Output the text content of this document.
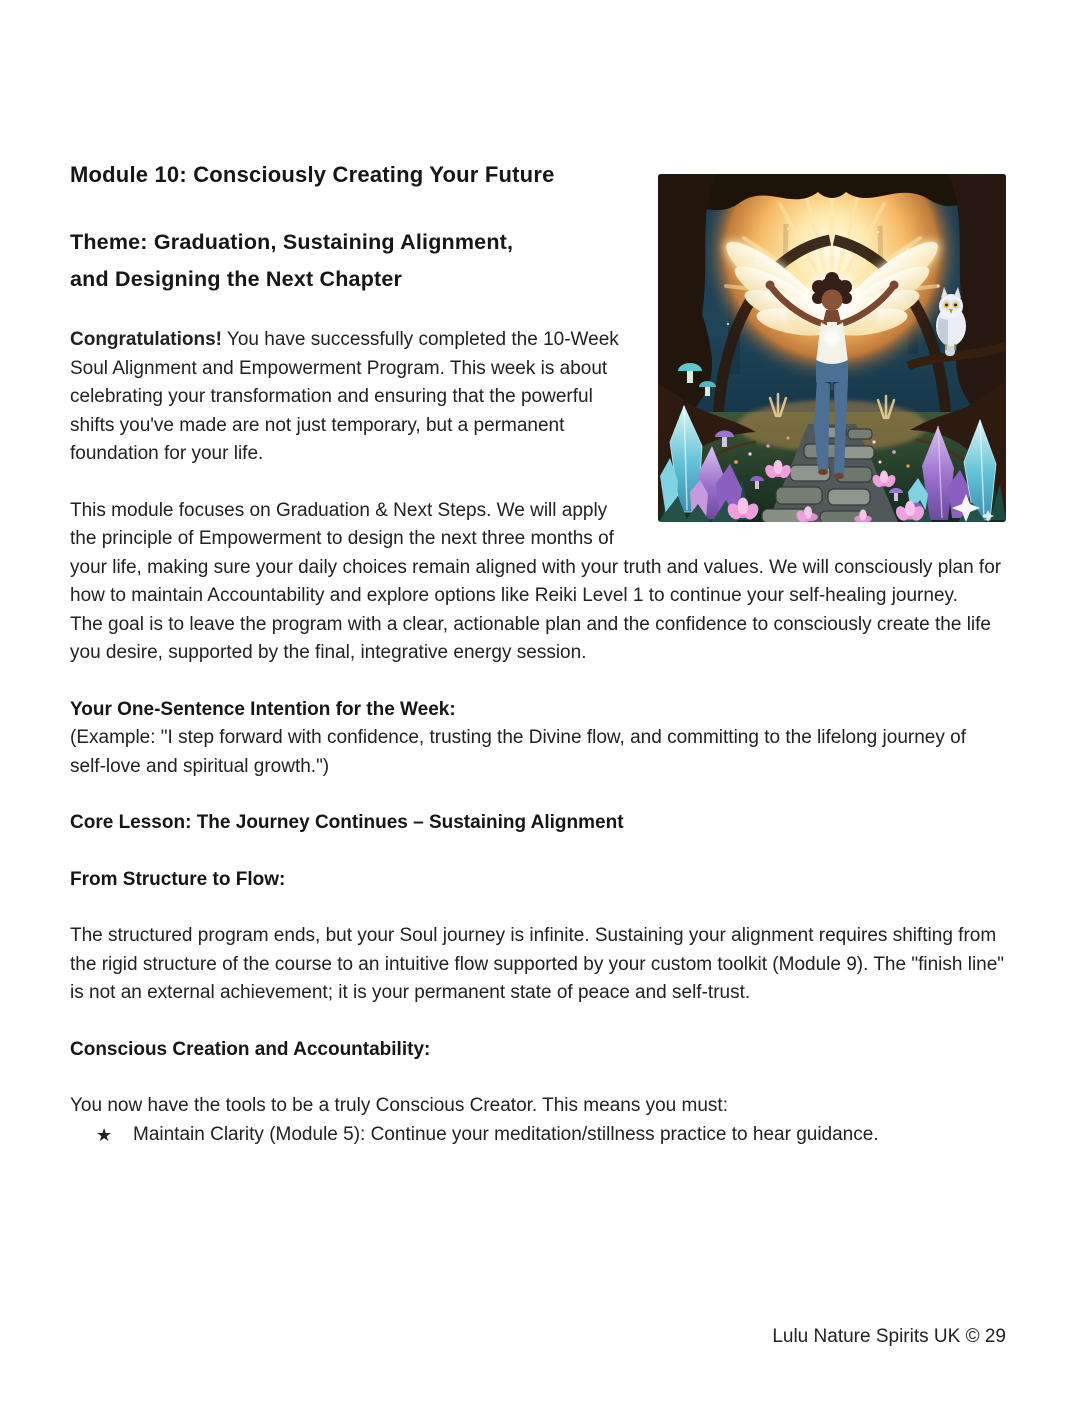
Module 10: Consciously Creating Your Future
Theme: Graduation, Sustaining Alignment, and Designing the Next Chapter

Congratulations! You have successfully completed the 10-Week Soul Alignment and Empowerment Program. This week is about celebrating your transformation and ensuring that the powerful shifts you've made are not just temporary, but a permanent foundation for your life.

This module focuses on Graduation & Next Steps. We will apply the principle of Empowerment to design the next three months of your life, making sure your daily choices remain aligned with your truth and values. We will consciously plan for how to maintain Accountability and explore options like Reiki Level 1 to continue your self-healing journey.

The goal is to leave the program with a clear, actionable plan and the confidence to consciously create the life you desire, supported by the final, integrative energy session.

Your One-Sentence Intention for the Week:

(Example: "I step forward with confidence, trusting the Divine flow, and committing to the lifelong journey of self-love and spiritual growth.")

Core Lesson: The Journey Continues – Sustaining Alignment
From Structure to Flow:

The structured program ends, but your Soul journey is infinite. Sustaining your alignment requires shifting from the rigid structure of the course to an intuitive flow supported by your custom toolkit (Module 9). The "finish line" is not an external achievement; it is your permanent state of peace and self-trust.

Conscious Creation and Accountability:

You now have the tools to be a truly Conscious Creator. This means you must:

★ Maintain Clarity (Module 5): Continue your meditation/stillness practice to hear guidance.
Lulu Nature Spirits UK © 29
